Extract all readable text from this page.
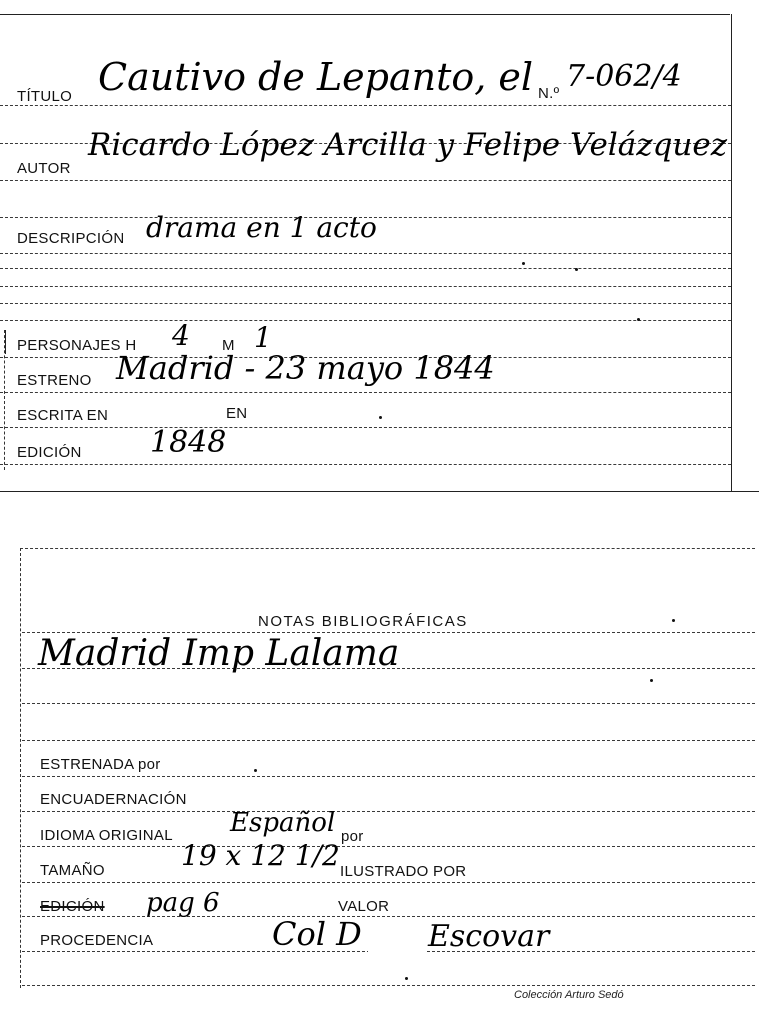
TÍTULO Cautivo de Lepanto, el N.º 7-062/4
AUTOR
Ricardo López Arcilla y Felipe Velázquez
DESCRIPCIÓN drama en 1 acto
PERSONAJES H 4 M 1
ESTRENO Madrid - 23 mayo 1844
ESCRITA EN	EN
EDICIÓN 1848
NOTAS BIBLIOGRÁFICAS
Madrid Imp Lalama
ESTRENADA por
ENCUADERNACIÓN
IDIOMA ORIGINAL Español por
TAMAÑO	19 x 12 1/2 ILUSTRADO POR
EDICIÓN pag 6	VALOR
PROCEDENCIA	Col D Escovar
Colección Arturo Sedó
